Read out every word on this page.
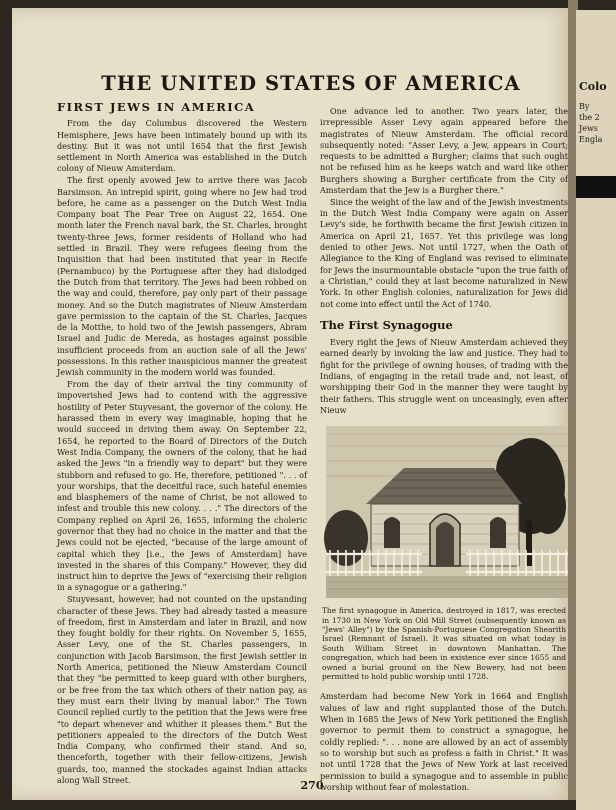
THE UNITED STATES OF AMERICA
FIRST JEWS IN AMERICA

From the day Columbus discovered the Western Hemisphere, Jews have been intimately bound up with its destiny. But it was not until 1654 that the first Jewish settlement in North America was established in the Dutch colony of Nieuw Amsterdam.

The first openly avowed Jew to arrive there was Jacob Barsimson. An intrepid spirit, going where no Jew had trod before, he came as a passenger on the Dutch West India Company boat The Pear Tree on August 22, 1654. One month later the French naval bark, the St. Charles, brought twenty-three Jews, former residents of Holland who had settled in Brazil. They were refugees fleeing from the Inquisition that had been instituted that year in Recife (Pernambuco) by the Portuguese after they had dislodged the Dutch from that territory. The Jews had been robbed on the way and could, therefore, pay only part of their passage money. And so the Dutch magistrates of Nieuw Amsterdam gave permission to the captain of the St. Charles, Jacques de la Motthe, to hold two of the Jewish passengers, Abram Israel and Judic de Mereda, as hostages against possible insufficient proceeds from an auction sale of all the Jews' possessions. In this rather inauspicious manner the greatest Jewish community in the modern world was founded.

From the day of their arrival the tiny community of impoverished Jews had to contend with the aggressive hostility of Peter Stuyvesant, the governor of the colony. He harassed them in every way imaginable, hoping that he would succeed in driving them away. On September 22, 1654, he reported to the Board of Directors of the Dutch West India Company, the owners of the colony, that he had asked the Jews "in a friendly way to depart" but they were stubborn and refused to go. He, therefore, petitioned ". . . of your worships, that the deceitful race, such hateful enemies and blasphemers of the name of Christ, be not allowed to infest and trouble this new colony. . . ." The directors of the Company replied on April 26, 1655, informing the choleric governor that they had no choice in the matter and that the Jews could not be ejected, "because of the large amount of capital which they [i.e., the Jews of Amsterdam] have invested in the shares of this Company." However, they did instruct him to deprive the Jews of "exercising their religion in a synagogue or a gathering."

Stuyvesant, however, had not counted on the upstanding character of these Jews. They had already tasted a measure of freedom, first in Amsterdam and later in Brazil, and now they fought boldly for their rights. On November 5, 1655, Asser Levy, one of the St. Charles passengers, in conjunction with Jacob Barsimson, the first Jewish settler in North America, petitioned the Nieuw Amsterdam Council that they "be permitted to keep guard with other burghers, or be free from the tax which others of their nation pay, as they must earn their living by manual labor." The Town Council replied curtly to the petition that the Jews were free "to depart whenever and whither it pleases them." But the petitioners appealed to the directors of the Dutch West India Company, who confirmed their stand. And so, thenceforth, together with their fellow-citizens, Jewish guards, too, manned the stockades against Indian attacks along Wall Street.

One advance led to another. Two years later, the irrepressible Asser Levy again appeared before the magistrates of Nieuw Amsterdam. The official record subsequently noted: "Asser Levy, a Jew, appears in Court; requests to be admitted a Burgher; claims that such ought not be refused him as he keeps watch and ward like other Burghers showing a Burgher certificate from the City of Amsterdam that the Jew is a Burgher there."

Since the weight of the law and of the Jewish investments in the Dutch West India Company were again on Asser Levy's side, he forthwith became the first Jewish citizen in America on April 21, 1657. Yet this privilege was long denied to other Jews. Not until 1727, when the Oath of Allegiance to the King of England was revised to eliminate for Jews the insurmountable obstacle "upon the true faith of a Christian," could they at last become naturalized in New York. In other English colonies, naturalization for Jews did not come into effect until the Act of 1740.

The First Synagogue

Every right the Jews of Nieuw Amsterdam achieved they earned dearly by invoking the law and justice. They had to fight for the privilege of owning houses, of trading with the Indians, of engaging in the retail trade and, not least, of worshipping their God in the manner they were taught by their fathers. This struggle went on unceasingly, even after Nieuw

The first synagogue in America, destroyed in 1817, was erected in 1730 in New York on Old Mill Street (subsequently known as "Jews' Alley") by the Spanish-Portuguese Congregation Shearith Israel (Remnant of Israel). It was situated on what today is South William Street in downtown Manhattan. The congregation, which had been in existence ever since 1655 and owned a burial ground on the New Bowery, had not been permitted to hold public worship until 1728.

Amsterdam had become New York in 1664 and English values of law and right supplanted those of the Dutch. When in 1685 the Jews of New York petitioned the English governor to permit them to construct a synagogue, he coldly replied: ". . . none are allowed by an act of assembly so to worship but such as profess a faith in Christ." It was not until 1728 that the Jews of New York at last received permission to build a synagogue and to assemble in public worship without fear of molestation.

270
Colo
By
the 2
Jews
Engla
